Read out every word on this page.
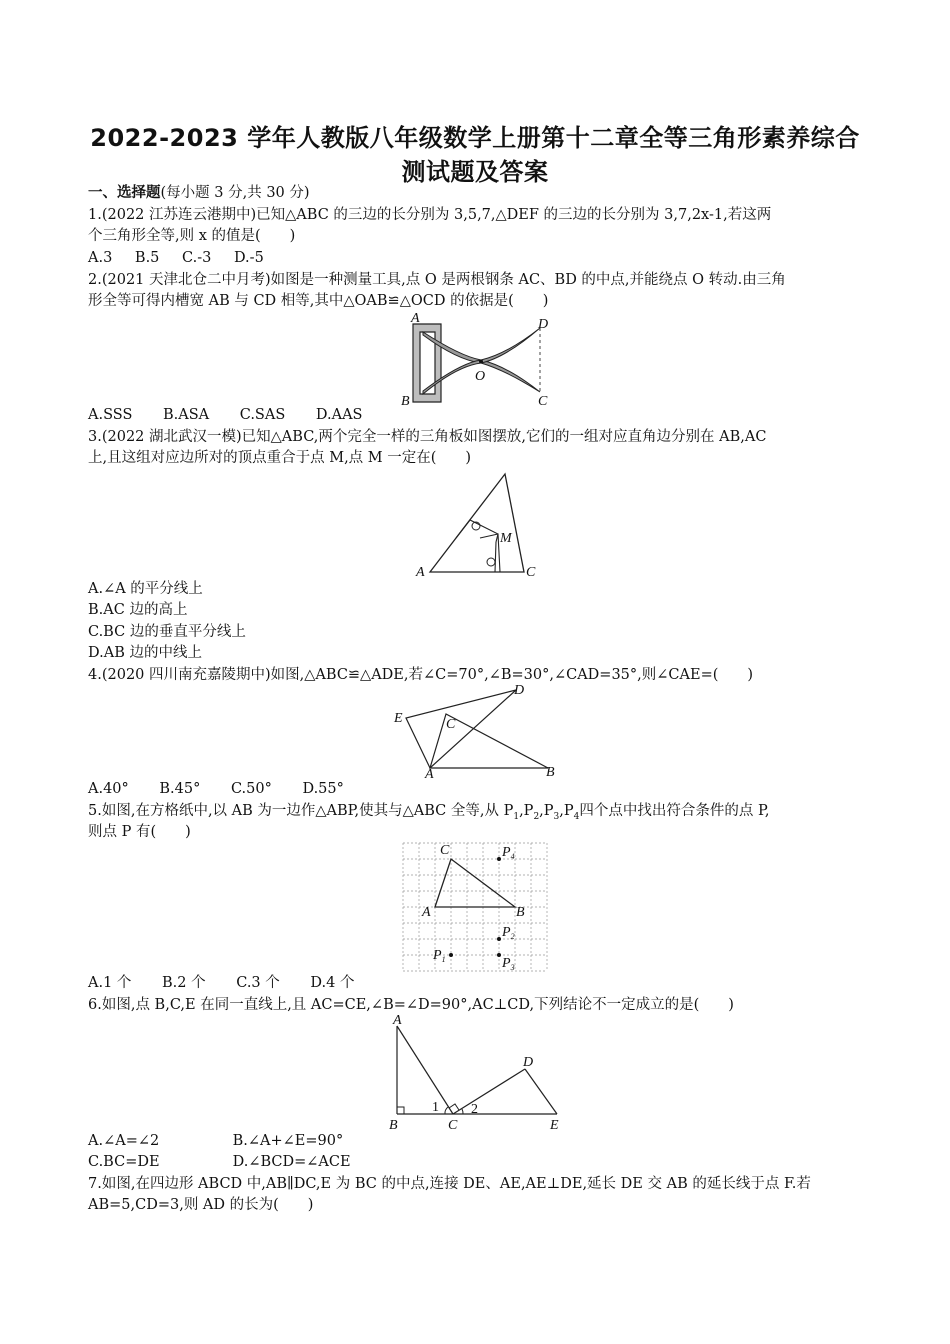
2022-2023 学年人教版八年级数学上册第十二章全等三角形素养综合
测试题及答案
一、选择题(每小题 3 分,共 30 分)
1.(2022 江苏连云港期中)已知△ABC 的三边的长分别为 3,5,7,△DEF 的三边的长分别为 3,7,2x-1,若这两
个三角形全等,则 x 的值是(　　)
A.3 B.5 C.-3 D.-5
2.(2021 天津北仓二中月考)如图是一种测量工具,点 O 是两根钢条 AC、BD 的中点,并能绕点 O 转动.由三角
形全等可得内槽宽 AB 与 CD 相等,其中△OAB≌△OCD 的依据是(　　)
A
B	C
D
O
A.SSS B.ASA C.SAS D.AAS
3.(2022 湖北武汉一模)已知△ABC,两个完全一样的三角板如图摆放,它们的一组对应直角边分别在 AB,AC
上,且这组对应边所对的顶点重合于点 M,点 M 一定在(　　)
A	C
M
A.∠A 的平分线上
B.AC 边的高上
C.BC 边的垂直平分线上
D.AB 边的中线上
4.(2020 四川南充嘉陵期中)如图,△ABC≌△ADE,若∠C=70°,∠B=30°,∠CAD=35°,则∠CAE=(　　)
A	B
C
D
E
A.40° B.45° C.50° D.55°
5.如图,在方格纸中,以 AB 为一边作△ABP,使其与△ABC 全等,从 $P_1,P_2,P_3,P_4$四个点中找出符合条件的点 P,
则点 P 有(　　)
A	B
C	$P_4$
$P_2$
$P_3$
$P_1$
A.1 个 B.2 个 C.3 个 D.4 个
6.如图,点 B,C,E 在同一直线上,且 AC=CE,∠B=∠D=90°,AC⊥CD,下列结论不一定成立的是(　　)
A
B	C
D
E
1 2
A.∠A=∠2	B.∠A+∠E=90°
C.BC=DE	D.∠BCD=∠ACE
7.如图,在四边形 ABCD 中,AB∥DC,E 为 BC 的中点,连接 DE、AE,AE⊥DE,延长 DE 交 AB 的延长线于点 F.若
AB=5,CD=3,则 AD 的长为(　　)
